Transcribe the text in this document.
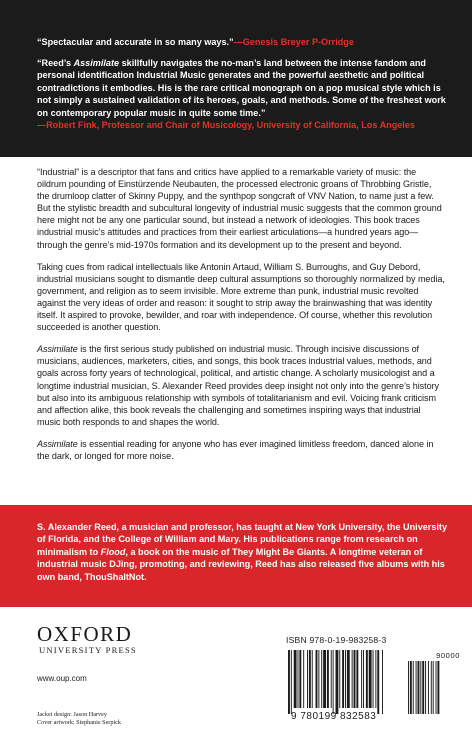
“Spectacular and accurate in so many ways.”—Genesis Breyer P-Orridge

“Reed’s Assimilate skillfully navigates the no-man’s land between the intense fandom and personal identification Industrial Music generates and the powerful aesthetic and political contradictions it embodies. His is the rare critical monograph on a pop musical style which is not simply a sustained validation of its heroes, goals, and methods. Some of the freshest work on contemporary popular music in quite some time.”
—Robert Fink, Professor and Chair of Musicology, University of California, Los Angeles

“Industrial” is a descriptor that fans and critics have applied to a remarkable variety of music: the oildrum pounding of Einstürzende Neubauten, the processed electronic groans of Throbbing Gristle, the drumloop clatter of Skinny Puppy, and the synthpop songcraft of VNV Nation, to name just a few. But the stylistic breadth and subcultural longevity of industrial music suggests that the common ground here might not be any one particular sound, but instead a network of ideologies. This book traces industrial music’s attitudes and practices from their earliest articulations—a hundred years ago—through the genre’s mid-1970s formation and its development up to the present and beyond.

Taking cues from radical intellectuals like Antonin Artaud, William S. Burroughs, and Guy Debord, industrial musicians sought to dismantle deep cultural assumptions so thoroughly normalized by media, government, and religion as to seem invisible. More extreme than punk, industrial music revolted against the very ideas of order and reason: it sought to strip away the brainwashing that was identity itself. It aspired to provoke, bewilder, and roar with independence. Of course, whether this revolution succeeded is another question.

Assimilate is the first serious study published on industrial music. Through incisive discussions of musicians, audiences, marketers, cities, and songs, this book traces industrial values, methods, and goals across forty years of technological, political, and artistic change. A scholarly musicologist and a longtime industrial musician, S. Alexander Reed provides deep insight not only into the genre’s history but also into its ambiguous relationship with symbols of totalitarianism and evil. Voicing frank criticism and affection alike, this book reveals the challenging and sometimes inspiring ways that industrial music both responds to and shapes the world.

Assimilate is essential reading for anyone who has ever imagined limitless freedom, danced alone in the dark, or longed for more noise.

S. Alexander Reed, a musician and professor, has taught at New York University, the University of Florida, and the College of William and Mary. His publications range from research on minimalism to Flood, a book on the music of They Might Be Giants. A longtime veteran of industrial music DJing, promoting, and reviewing, Reed has also released five albums with his own band, ThouShaltNot.

OXFORD
UNIVERSITY PRESS
www.oup.com
Jacket design: Jason Harvey
Cover artwork: Stephanie Serpick
ISBN 978-0-19-983258-3
90000
9 780199 832583
